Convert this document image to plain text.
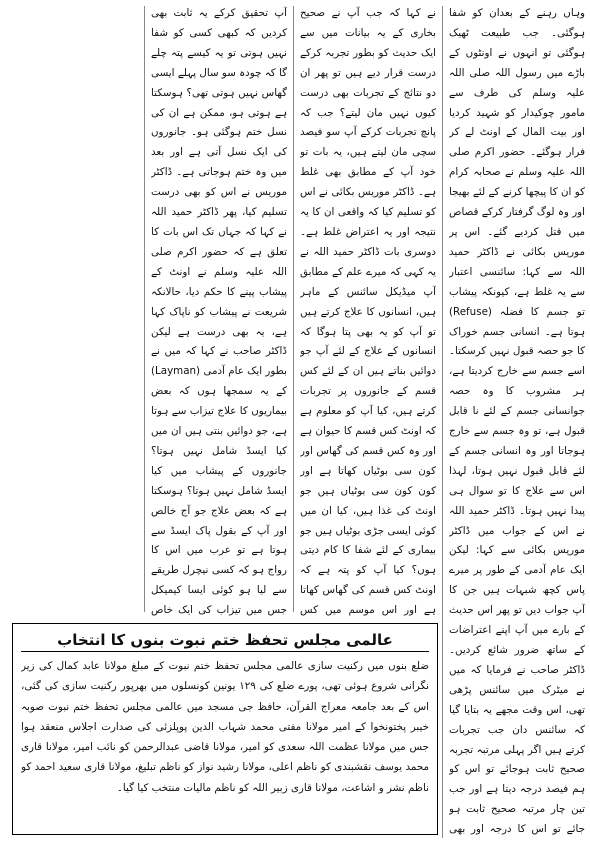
وہاں رہنے کے بعدان کو شفا ہوگئی۔ جب طبیعت ٹھیک ہوگئی تو انہوں نے اونٹوں کے باڑے میں رسول اللہ صلی اللہ علیہ وسلم کی طرف سے مامور چوکیدار کو شہید کردیا اور بیت المال کے اونٹ لے کر فرار ہوگئے۔ حضور اکرم صلی اللہ علیہ وسلم نے صحابہ کرام کو ان کا پیچھا کرنے کے لئے بھیجا اور وہ لوگ گرفتار کرکے قصاص میں قتل کردیے گئے۔ اس پر موریس بکائی نے ڈاکٹر حمید اللہ سے کہا: سائنسی اعتبار سے یہ غلط ہے، کیونکہ پیشاب تو جسم کا فضلہ (Refuse) ہوتا ہے۔ انسانی جسم خوراک کا جو حصہ قبول نہیں کرسکتا۔ اسے جسم سے خارج کردیتا ہے، ہر مشروب کا وہ حصہ جوانسانی جسم کے لئے نا قابل قبول ہے، تو وہ جسم سے خارج ہوجاتا اور وہ انسانی جسم کے لئے قابل قبول نہیں ہوتا، لہذا اس سے علاج کا تو سوال ہی پیدا نہیں ہوتا۔ ڈاکٹر حمید اللہ نے اس کے جواب میں ڈاکٹر موریس بکائی سے کہا: لیکن ایک عام آدمی کے طور پر میرے پاس کچھ شبہات ہیں جن کا آپ جواب دیں تو پھر اس حدیث کے بارے میں آپ اپنے اعتراضات کے ساتھ ضرور شائع کردیں۔ ڈاکٹر صاحب نے فرمایا کہ میں نے میٹرک میں سائنس پڑھی تھی، اس وقت مجھے یہ بتایا گیا کہ سائنس دان جب تجربات کرتے ہیں اگر پہلی مرتبہ تجربہ صحیح ثابت ہوجائے تو اس کو ہم فیصد درجہ دیتا ہے اور جب تین چار مرتبہ صحیح ثابت ہو جائے تو اس کا درجہ اور بھی

نے کہا کہ جب آپ نے صحیح بخاری کے یہ بیانات میں سے ایک حدیث کو بطور تجربہ کرکے درست قرار دیے ہیں تو پھر ان دو نتائج کے تجربات بھی درست کیوں نہیں مان لیتے؟ جب کہ پانچ تجربات کرکے آپ سو فیصد سچی مان لیتے ہیں، یہ بات تو خود آپ کے مطابق بھی غلط ہے۔ ڈاکٹر موریس بکائی نے اس کو تسلیم کیا کہ واقعی ان کا یہ نتیجہ اور یہ اعتراض غلط ہے۔ دوسری بات ڈاکٹر حمید اللہ نے یہ کہی کہ میرے علم کے مطابق آپ میڈیکل سائنس کے ماہر ہیں، انسانوں کا علاج کرتے ہیں تو آپ کو یہ بھی پتا ہوگا کہ انسانوں کے علاج کے لئے آپ جو دوائیں بناتے ہیں ان کے لئے کس قسم کے جانوروں پر تجربات کرتے ہیں، کیا آپ کو معلوم ہے کہ اونٹ کس قسم کا حیوان ہے اور وہ کس قسم کی گھاس اور کون سی بوٹیاں کھاتا ہے اور کون کون سی بوٹیاں ہیں جو اونٹ کی غذا ہیں، کیا ان میں کوئی ایسی جڑی بوٹیاں ہیں جو بیماری کے لئے شفا کا کام دیتی ہوں؟ کیا آپ کو پتہ ہے کہ اونٹ کس قسم کی گھاس کھاتا ہے اور اس موسم میں کس

آپ تحقیق کرکے یہ ثابت بھی کردیں کہ کبھی کسی کو شفا نہیں ہوتی تو یہ کیسے پتہ چلے گا کہ چودہ سو سال پہلے ایسی گھاس نہیں ہوتی تھی؟ ہوسکتا ہے ہوتی ہو، ممکن ہے ان کی نسل ختم ہوگئی ہو۔ جانوروں کی ایک نسل آتی ہے اور بعد میں وہ ختم ہوجاتی ہے۔ ڈاکٹر موریس نے اس کو بھی درست تسلیم کیا، پھر ڈاکٹر حمید اللہ نے کہا کہ جہاں تک اس بات کا تعلق ہے کہ حضور اکرم صلی اللہ علیہ وسلم نے اونٹ کے پیشاب پینے کا حکم دیا، حالانکہ شریعت نے پیشاب کو ناپاک کہا ہے، یہ بھی درست ہے لیکن ڈاکٹر صاحب نے کہا کہ میں نے بطور ایک عام آدمی (Layman) کے یہ سمجھا ہوں کہ بعض بیماریوں کا علاج تیزاب سے ہوتا ہے، جو دوائیں بنتی ہیں ان میں کیا ایسڈ شامل نہیں ہوتا؟ جانوروں کے پیشاب میں کیا ایسڈ شامل نہیں ہوتا؟ ہوسکتا ہے کہ بعض علاج جو آج خالص اور آپ کے بقول پاک ایسڈ سے ہوتا ہے تو عرب میں اس کا رواج ہو کہ کسی نیچرل طریقے سے لیا ہو کوئی ایسا کیمیکل جس میں تیزاب کی ایک خاص

عالمی مجلس تحفظ ختم نبوت بنوں کا انتخاب
ضلع بنوں میں رکنیت سازی عالمی مجلس تحفظ ختم نبوت کے مبلغ مولانا عابد کمال کی زیر نگرانی شروع ہوئی تھی، پورے ضلع کی ۱۲۹ یونین کونسلوں میں بھرپور رکنیت سازی کی گئی، اس کے بعد جامعہ معراج القرآن، حافظ جی مسجد میں عالمی مجلس تحفظ ختم نبوت صوبہ خیبر پختونخوا کے امیر مولانا مفتی محمد شہاب الدین پوپلزئی کی صدارت اجلاس منعقد ہوا جس میں مولانا عظمت اللہ سعدی کو امیر، مولانا قاضی عبدالرحمن کو نائب امیر، مولانا قاری محمد یوسف نقشبندی کو ناظم اعلی، مولانا رشید نواز کو ناظم تبلیغ، مولانا قاری سعید احمد کو ناظم نشر و اشاعت، مولانا قاری زبیر اللہ کو ناظم مالیات منتخب کیا گیا۔
